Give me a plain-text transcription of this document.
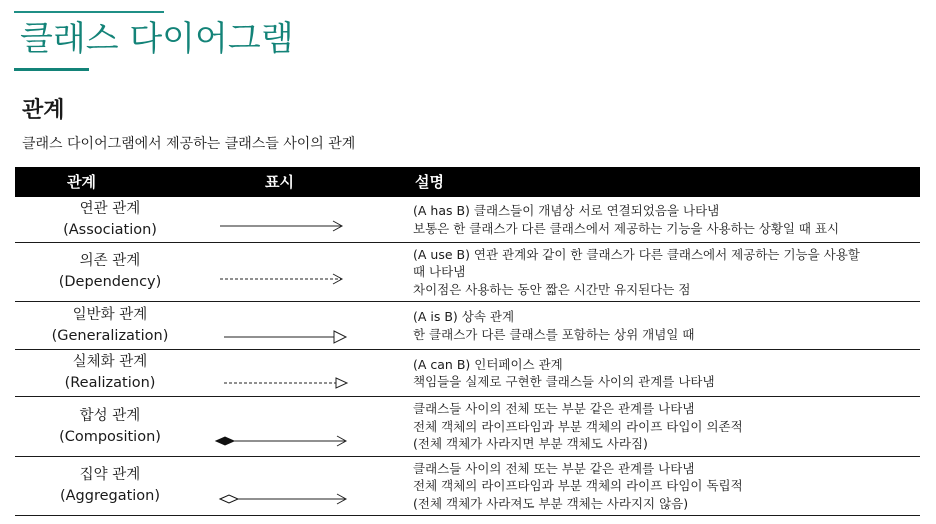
클래스 다이어그램
관계
클래스 다이어그램에서 제공하는 클래스들 사이의 관계
관계	표시	설명
연관 관계
(Association)
(A has B) 클래스들이 개념상 서로 연결되었음을 나타냄
보통은 한 클래스가 다른 클래스에서 제공하는 기능을 사용하는 상황일 때 표시
의존 관계
(Dependency)
(A use B) 연관 관계와 같이 한 클래스가 다른 클래스에서 제공하는 기능을 사용할
때 나타냄
차이점은 사용하는 동안 짧은 시간만 유지된다는 점
일반화 관계
(Generalization)
(A is B) 상속 관계
한 클래스가 다른 클래스를 포함하는 상위 개념일 때
실체화 관계
(Realization)
(A can B) 인터페이스 관계
책임들을 실제로 구현한 클래스들 사이의 관계를 나타냄
합성 관계
(Composition)
클래스들 사이의 전체 또는 부분 같은 관계를 나타냄
전체 객체의 라이프타임과 부분 객체의 라이프 타입이 의존적
(전체 객체가 사라지면 부분 객체도 사라짐)
집약 관계
(Aggregation)
클래스들 사이의 전체 또는 부분 같은 관계를 나타냄
전체 객체의 라이프타임과 부분 객체의 라이프 타임이 독립적
(전체 객체가 사라져도 부분 객체는 사라지지 않음)
